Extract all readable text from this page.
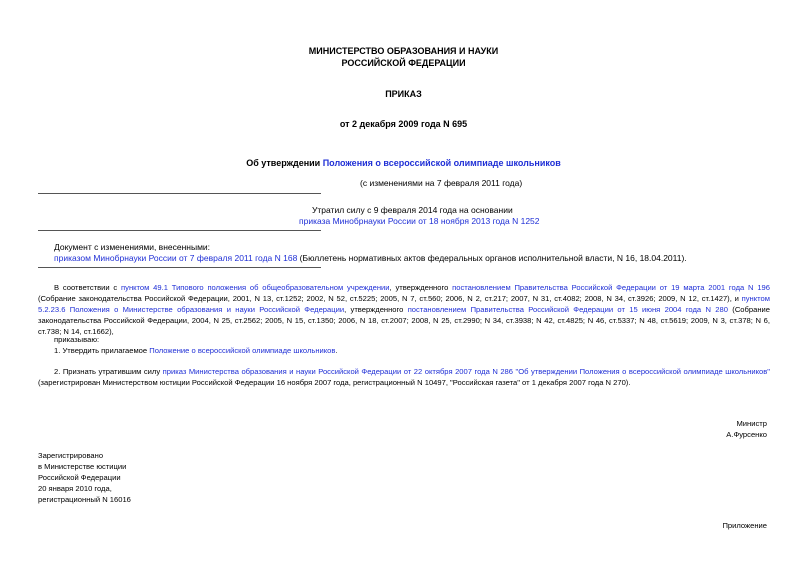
МИНИСТЕРСТВО ОБРАЗОВАНИЯ И НАУКИ
РОССИЙСКОЙ ФЕДЕРАЦИИ
ПРИКАЗ
от 2 декабря 2009 года N 695
Об утверждении Положения о всероссийской олимпиаде школьников
(с изменениями на 7 февраля 2011 года)
Утратил силу с 9 февраля 2014 года на основании
приказа Минобрнауки России от 18 ноября 2013 года N 1252
Документ с изменениями, внесенными:
приказом Минобрнауки России от 7 февраля 2011 года N 168 (Бюллетень нормативных актов федеральных органов исполнительной власти, N 16, 18.04.2011).
В соответствии с пунктом 49.1 Типового положения об общеобразовательном учреждении, утвержденного постановлением Правительства Российской Федерации от 19 марта 2001 года N 196 (Собрание законодательства Российской Федерации, 2001, N 13, ст.1252; 2002, N 52, ст.5225; 2005, N 7, ст.560; 2006, N 2, ст.217; 2007, N 31, ст.4082; 2008, N 34, ст.3926; 2009, N 12, ст.1427), и пунктом 5.2.23.6 Положения о Министерстве образования и науки Российской Федерации, утвержденного постановлением Правительства Российской Федерации от 15 июня 2004 года N 280 (Собрание законодательства Российской Федерации, 2004, N 25, ст.2562; 2005, N 15, ст.1350; 2006, N 18, ст.2007; 2008, N 25, ст.2990; N 34, ст.3938; N 42, ст.4825; N 46, ст.5337; N 48, ст.5619; 2009, N 3, ст.378; N 6, ст.738; N 14, ст.1662),
приказываю:
1. Утвердить прилагаемое Положение о всероссийской олимпиаде школьников.
2. Признать утратившим силу приказ Министерства образования и науки Российской Федерации от 22 октября 2007 года N 286 "Об утверждении Положения о всероссийской олимпиаде школьников" (зарегистрирован Министерством юстиции Российской Федерации 16 ноября 2007 года, регистрационный N 10497, "Российская газета" от 1 декабря 2007 года N 270).
Министр
А.Фурсенко
Зарегистрировано
в Министерстве юстиции
Российской Федерации
20 января 2010 года,
регистрационный N 16016
Приложение
